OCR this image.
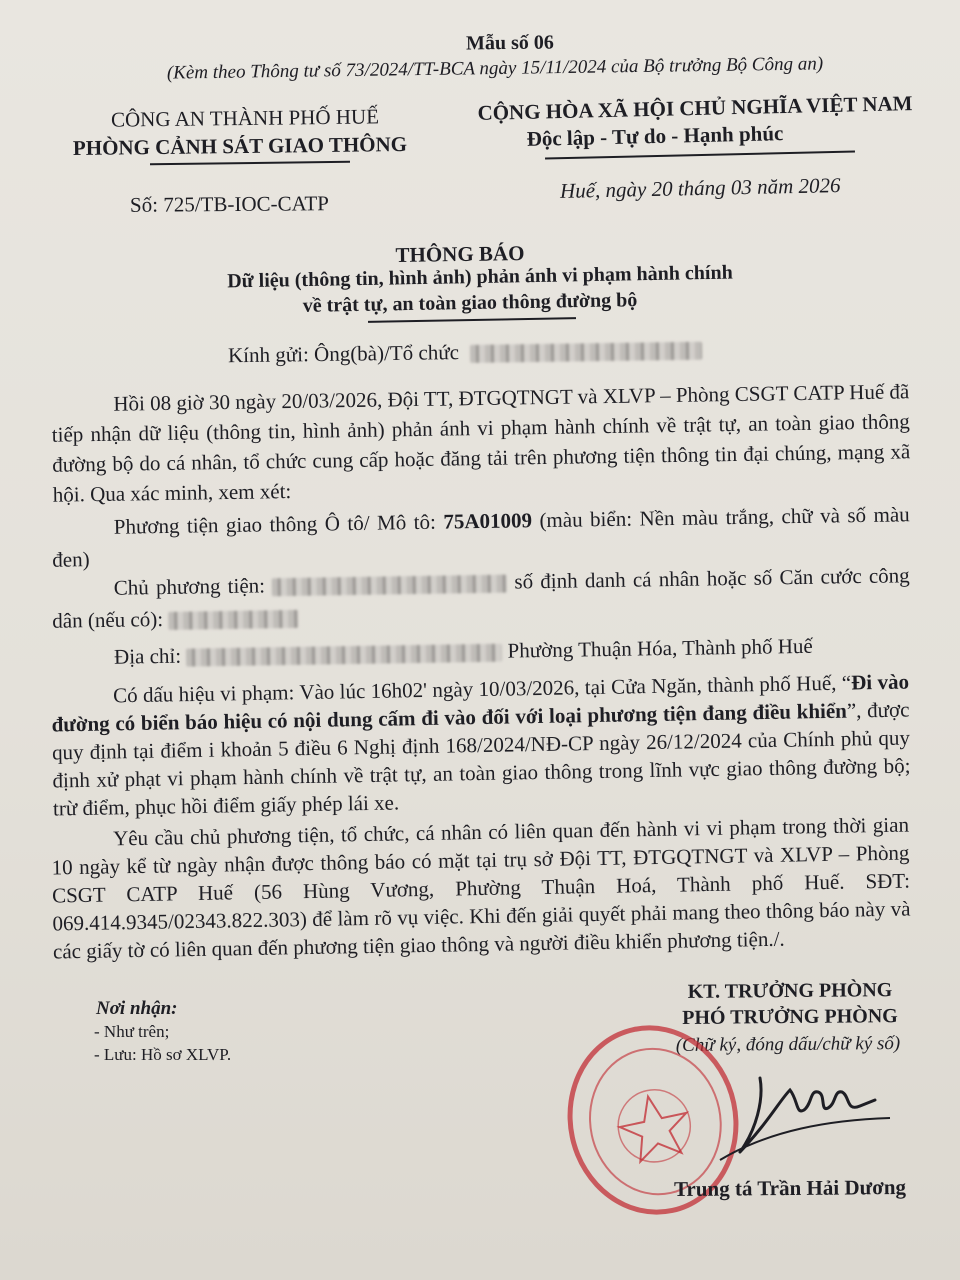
Mẫu số 06
(Kèm theo Thông tư số 73/2024/TT-BCA ngày 15/11/2024 của Bộ trưởng Bộ Công an)
CÔNG AN THÀNH PHỐ HUẾ
PHÒNG CẢNH SÁT GIAO THÔNG
CỘNG HÒA XÃ HỘI CHỦ NGHĨA VIỆT NAM
Độc lập - Tự do - Hạnh phúc
Số: 725/TB-IOC-CATP
Huế, ngày 20 tháng 03 năm 2026
THÔNG BÁO
Dữ liệu (thông tin, hình ảnh) phản ánh vi phạm hành chính
về trật tự, an toàn giao thông đường bộ
Kính gửi: Ông(bà)/Tổ chức
Hồi 08 giờ 30 ngày 20/03/2026, Đội TT, ĐTGQTNGT và XLVP – Phòng CSGT CATP Huế đã tiếp nhận dữ liệu (thông tin, hình ảnh) phản ánh vi phạm hành chính về trật tự, an toàn giao thông đường bộ do cá nhân, tổ chức cung cấp hoặc đăng tải trên phương tiện thông tin đại chúng, mạng xã hội. Qua xác minh, xem xét:
Phương tiện giao thông Ô tô/ Mô tô: 75A01009 (màu biển: Nền màu trắng, chữ và số màu đen)
Chủ phương tiện:	số định danh cá nhân hoặc số Căn cước công dân (nếu có):
Địa chỉ:	Phường Thuận Hóa, Thành phố Huế
Có dấu hiệu vi phạm: Vào lúc 16h02' ngày 10/03/2026, tại Cửa Ngăn, thành phố Huế, “Đi vào đường có biển báo hiệu có nội dung cấm đi vào đối với loại phương tiện đang điều khiển”, được quy định tại điểm i khoản 5 điều 6 Nghị định 168/2024/NĐ-CP ngày 26/12/2024 của Chính phủ quy định xử phạt vi phạm hành chính về trật tự, an toàn giao thông trong lĩnh vực giao thông đường bộ; trừ điểm, phục hồi điểm giấy phép lái xe.
Yêu cầu chủ phương tiện, tổ chức, cá nhân có liên quan đến hành vi vi phạm trong thời gian 10 ngày kể từ ngày nhận được thông báo có mặt tại trụ sở Đội TT, ĐTGQTNGT và XLVP – Phòng CSGT CATP Huế (56 Hùng Vương, Phường Thuận Hoá, Thành phố Huế. SĐT: 069.414.9345/02343.822.303) để làm rõ vụ việc. Khi đến giải quyết phải mang theo thông báo này và các giấy tờ có liên quan đến phương tiện giao thông và người điều khiển phương tiện./.
Nơi nhận:
- Như trên;
- Lưu: Hồ sơ XLVP.
KT. TRƯỞNG PHÒNG
PHÓ TRƯỞNG PHÒNG
(Chữ ký, đóng dấu/chữ ký số)
Trung tá Trần Hải Dương
